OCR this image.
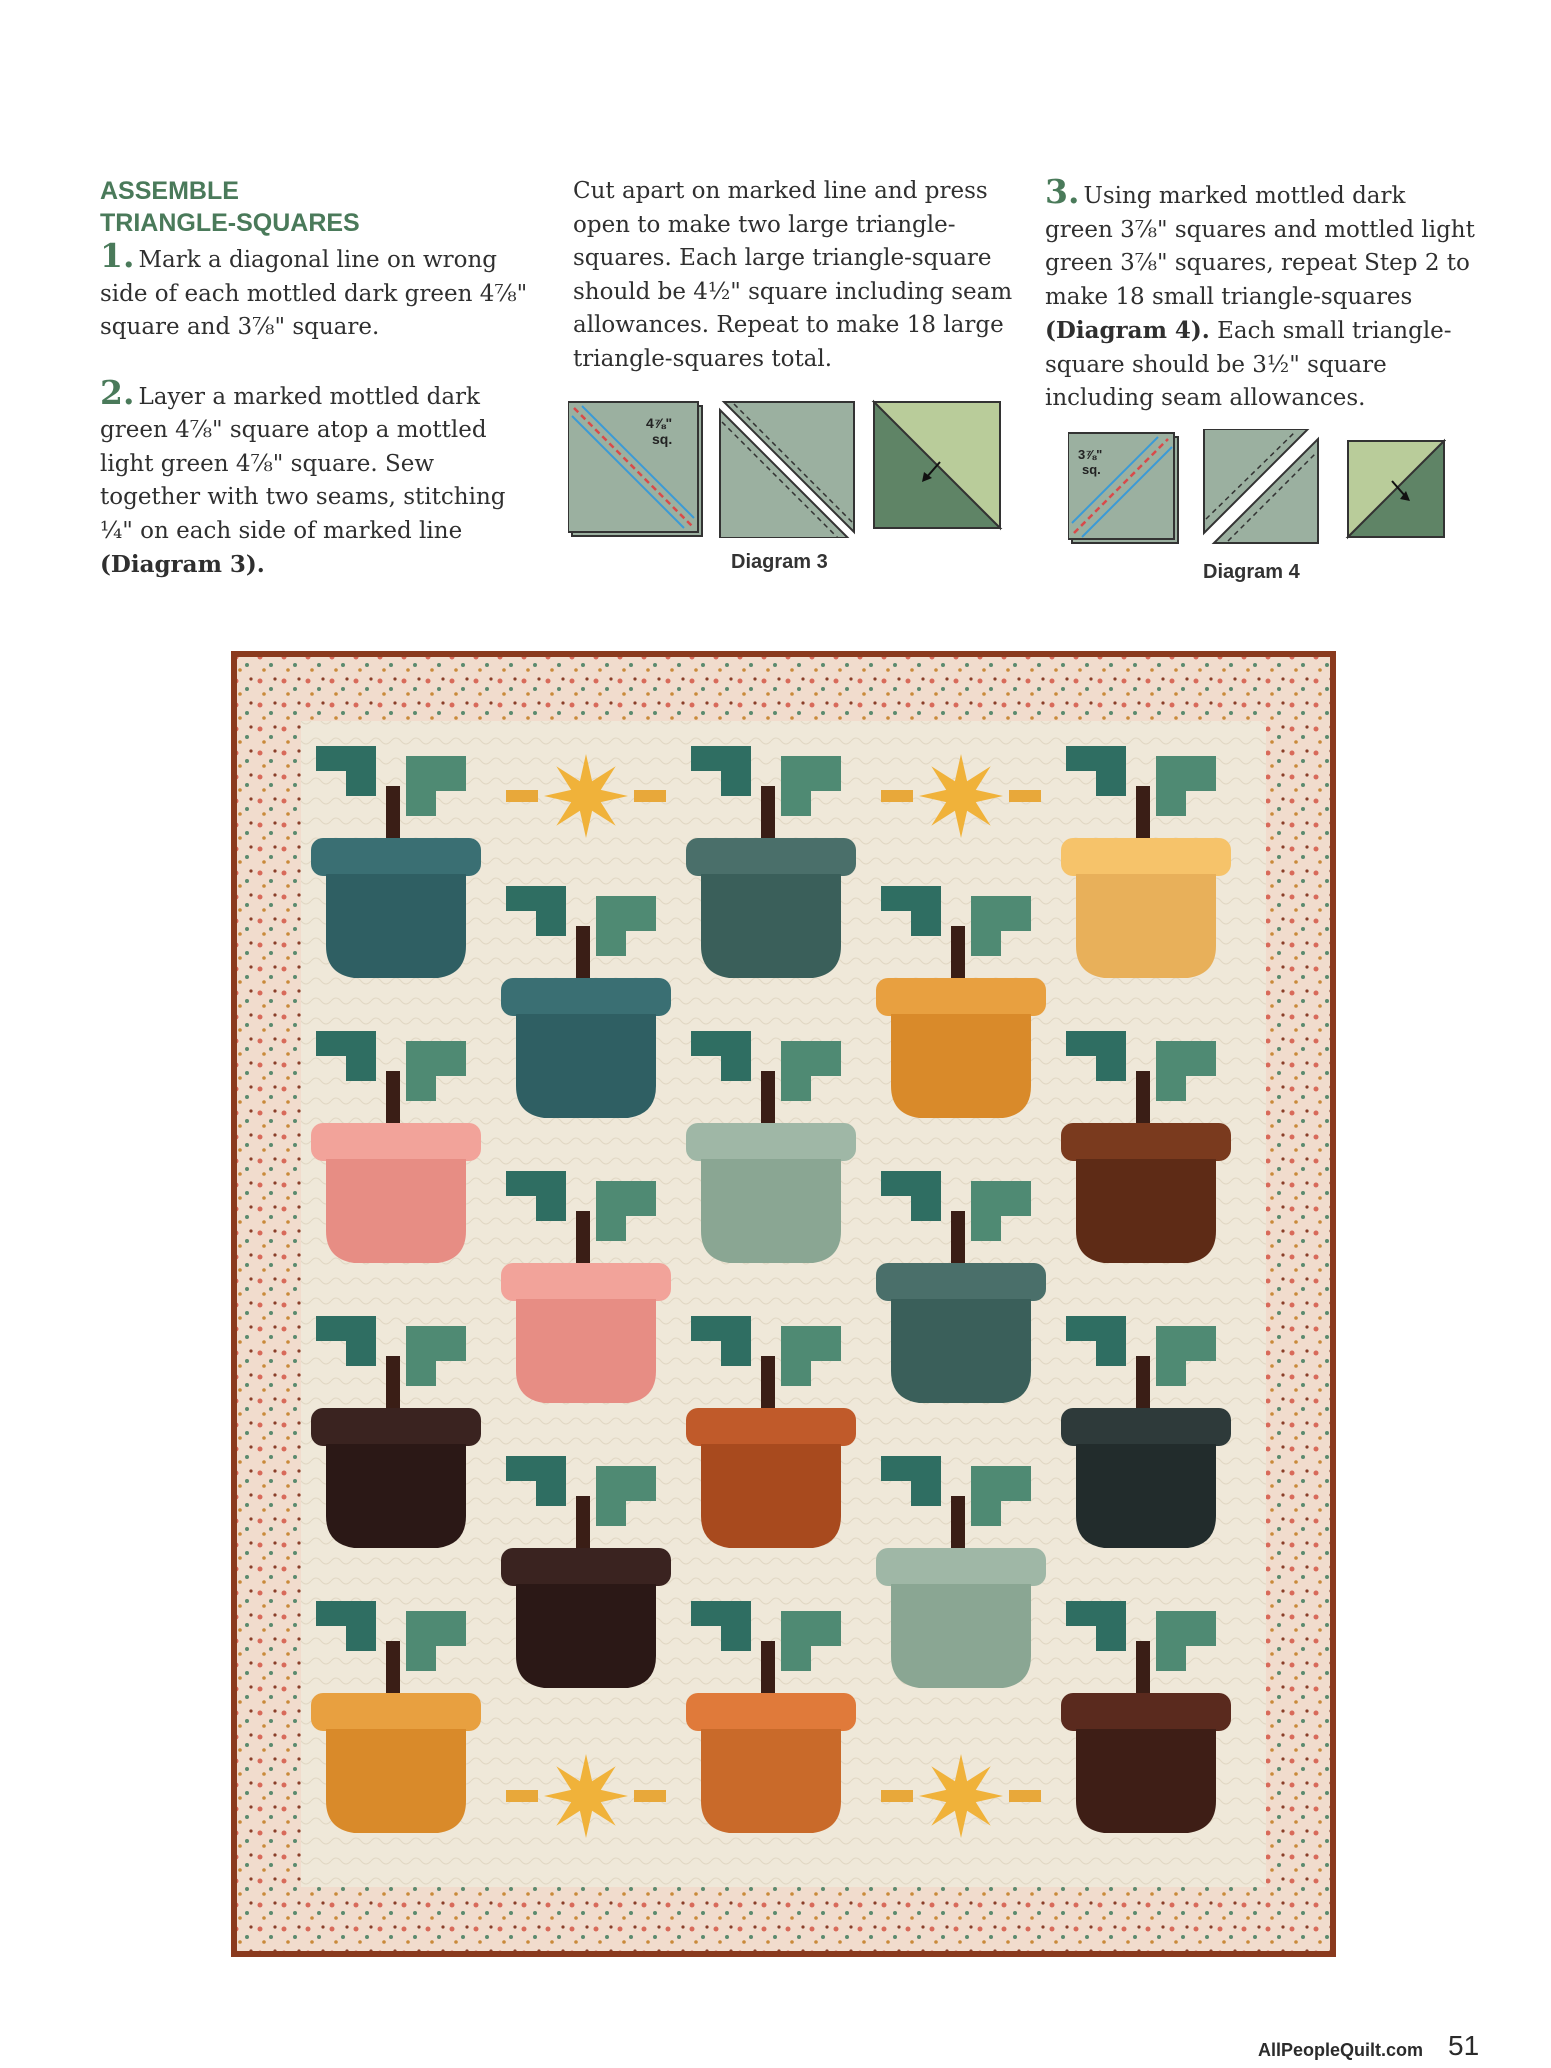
ASSEMBLE

TRIANGLE-SQUARES

1. Mark a diagonal line on wrong side of each mottled dark green 4⅞" square and 3⅞" square.

2. Layer a marked mottled dark green 4⅞" square atop a mottled light green 4⅞" square. Sew together with two seams, stitching ¼" on each side of marked line (Diagram 3).

Cut apart on marked line and press open to make two large triangle-squares. Each large triangle-square should be 4½" square including seam allowances. Repeat to make 18 large triangle-squares total.

3. Using marked mottled dark green 3⅞" squares and mottled light green 3⅞" squares, repeat Step 2 to make 18 small triangle-squares (Diagram 4). Each small triangle-square should be 3½" square including seam allowances.

4⅞"
sq.
Diagram 3
3⅞"
sq.
Diagram 4
AllPeopleQuilt.com 51
